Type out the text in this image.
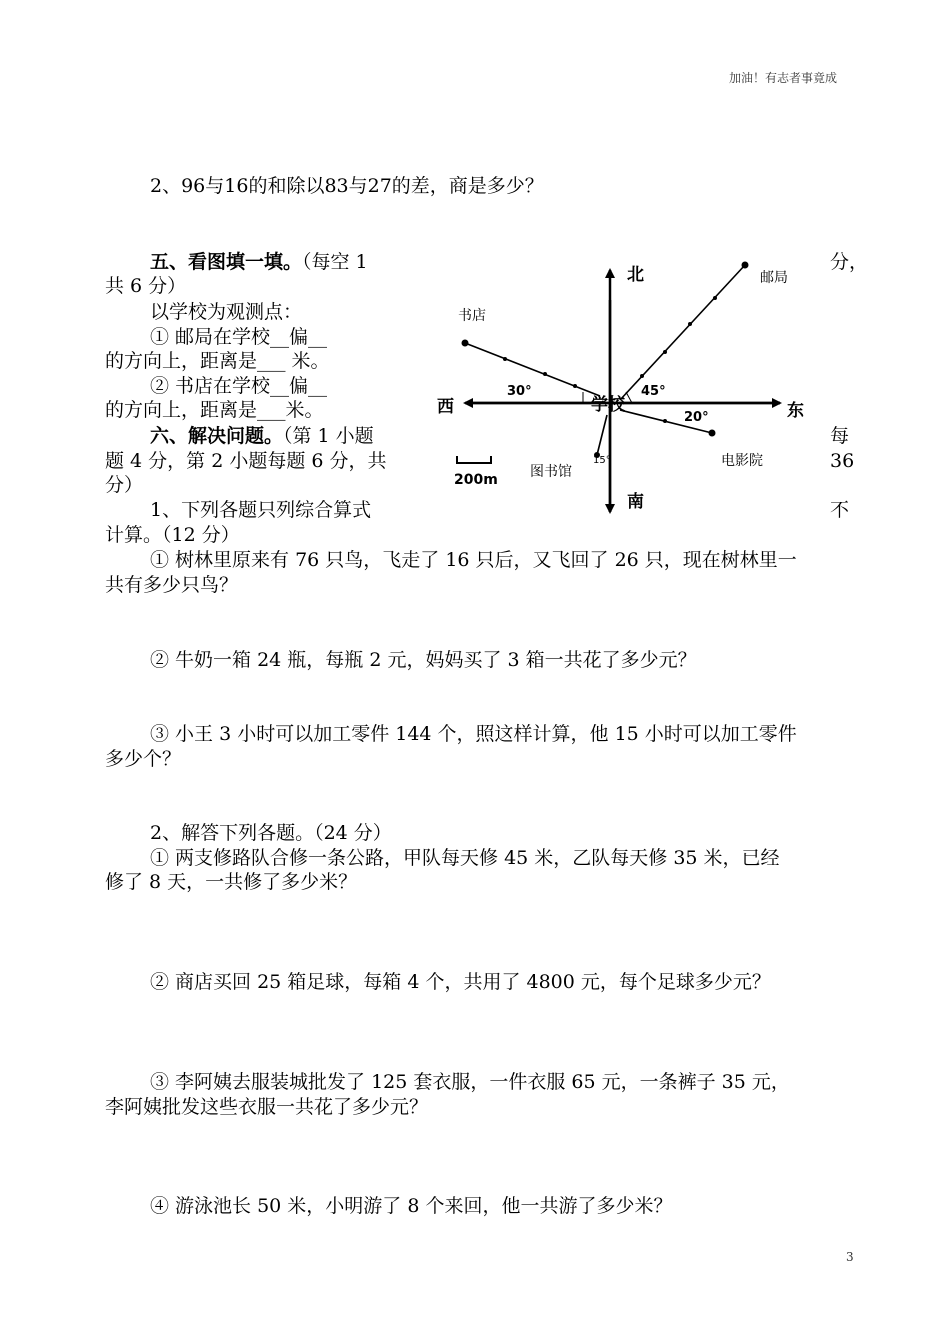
加油！有志者事竟成
2、96与16的和除以83与27的差，商是多少？
五、看图填一填。（每空 1	分，
共 6 分）
以学校为观测点：
① 邮局在学校__偏__
的方向上，距离是___ 米。
② 书店在学校__偏__
的方向上，距离是___米。
六、解决问题。（第 1 小题	每
题 4 分，第 2 小题每题 6 分，共	36
分）
1、下列各题只列综合算式	不
计算。（12 分）
① 树林里原来有 76 只鸟，飞走了 16 只后，又飞回了 26 只，现在树林里一
共有多少只鸟？
② 牛奶一箱 24 瓶，每瓶 2 元，妈妈买了 3 箱一共花了多少元？
③ 小王 3 小时可以加工零件 144 个，照这样计算，他 15 小时可以加工零件
多少个？
2、解答下列各题。（24 分）
① 两支修路队合修一条公路，甲队每天修 45 米，乙队每天修 35 米，已经
修了 8 天，一共修了多少米？
② 商店买回 25 箱足球，每箱 4 个，共用了 4800 元，每个足球多少元？
③ 李阿姨去服装城批发了 125 套衣服，一件衣服 65 元，一条裤子 35 元，
李阿姨批发这些衣服一共花了多少元？
④ 游泳池长 50 米，小明游了 8 个来回，他一共游了多少米？
3
北
南
东
西	学校
邮局
书店
图书馆
电影院
30°	45°
20°
15°
200m
